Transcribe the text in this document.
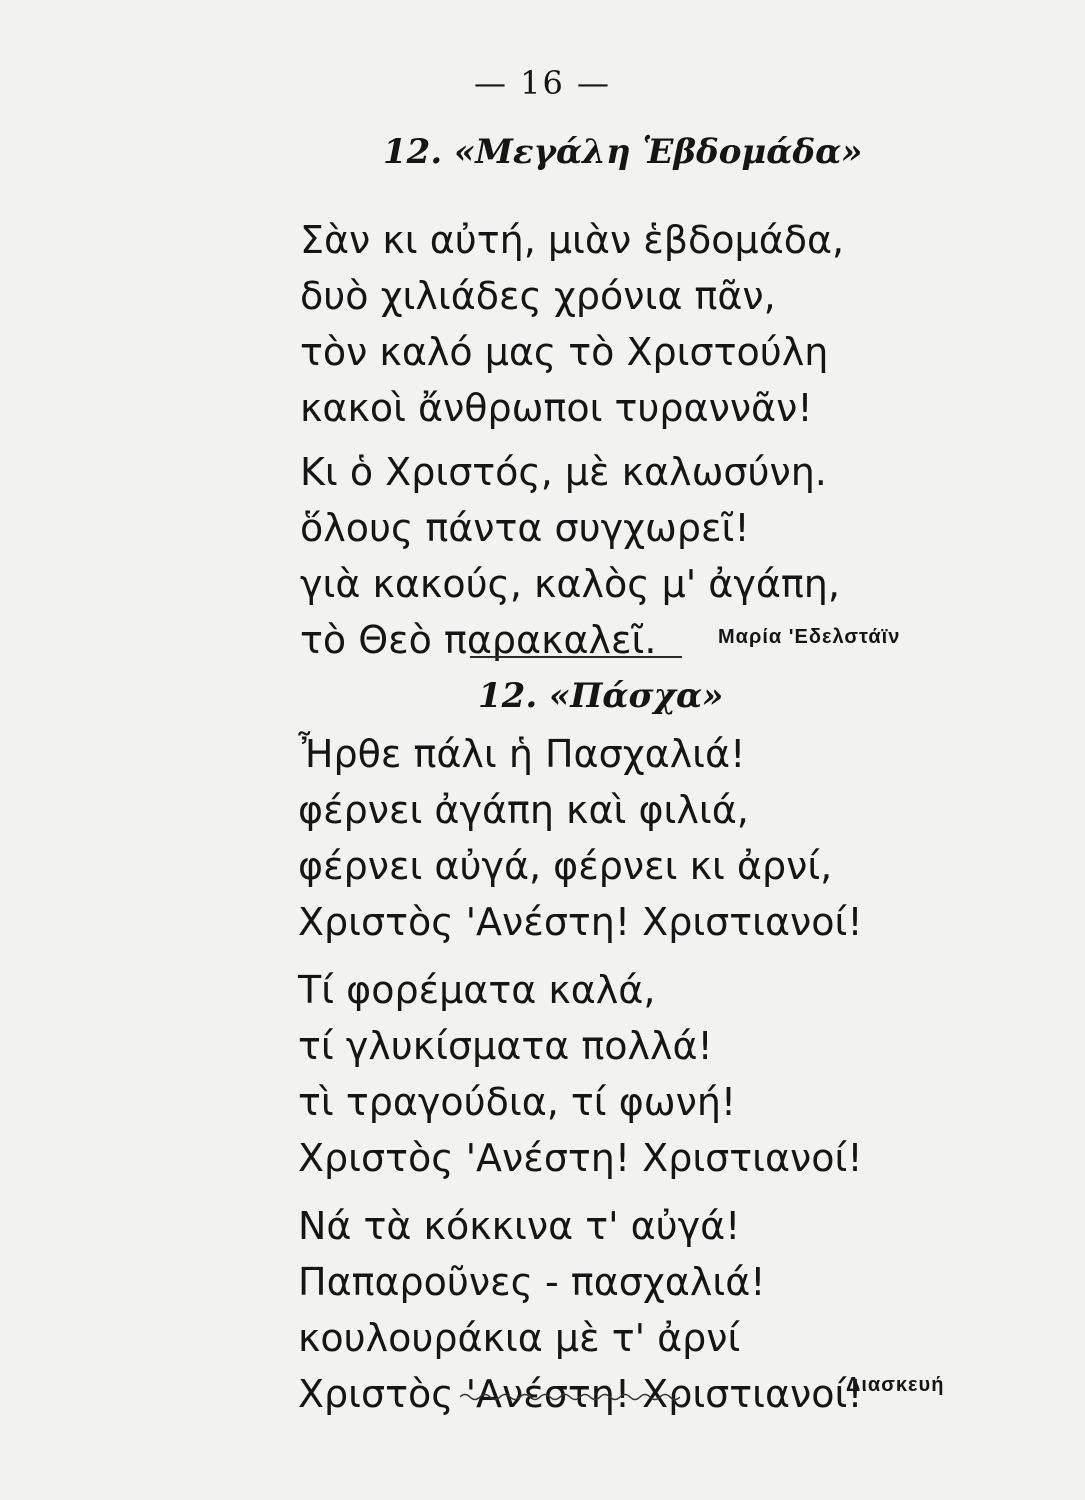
— 16 —
12. «Μεγάλη Ἑβδομάδα»
Σὰν κι αὐτή, μιὰν ἑβδομάδα,
δυὸ χιλιάδες χρόνια πᾶν,
τὸν καλό μας τὸ Χριστούλη
κακοὶ ἄνθρωποι τυραννᾶν!
Κι ὁ Χριστός, μὲ καλωσύνη.
ὅλους πάντα συγχωρεῖ!
γιὰ κακούς, καλὸς μ' ἀγάπη,
τὸ Θεὸ παρακαλεῖ.	Μαρία 'Εδελστάϊν
12. «Πάσχα»
Ἦρθε πάλι ἡ Πασχαλιά!
φέρνει ἀγάπη καὶ φιλιά,
φέρνει αὐγά, φέρνει κι ἀρνί,
Χριστὸς 'Ανέστη! Χριστιανοί!
Τί φορέματα καλά,
τί γλυκίσματα πολλά!
τὶ τραγούδια, τί φωνή!
Χριστὸς 'Ανέστη! Χριστιανοί!
Νά τὰ κόκκινα τ' αὐγά!
Παπαροῦνες - πασχαλιά!
κουλουράκια μὲ τ' ἀρνί
Χριστὸς 'Ανέστη! Χριστιανοί!
Διασκευή
